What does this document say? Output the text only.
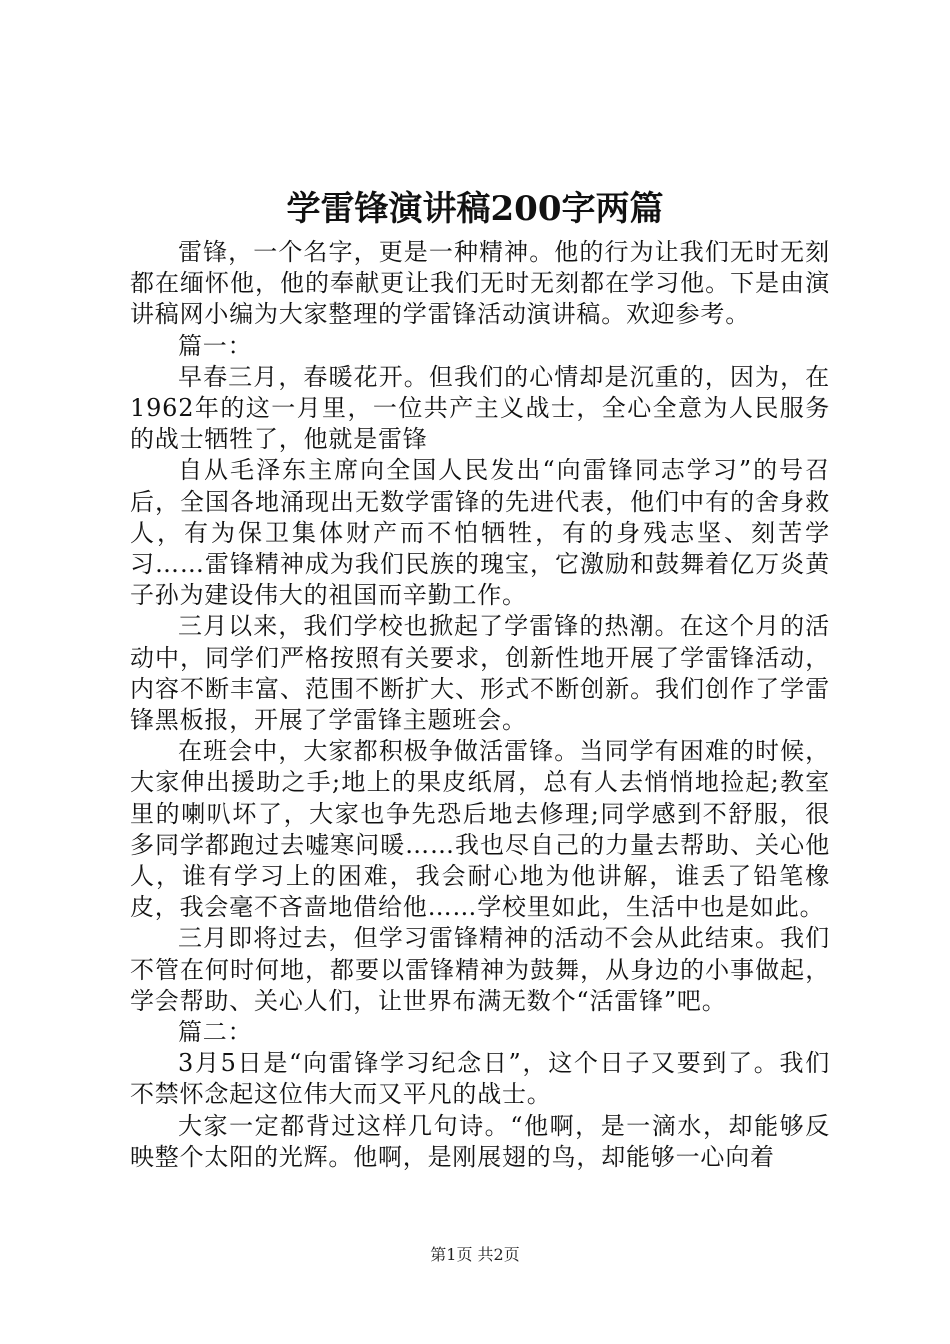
学雷锋演讲稿200字两篇

雷锋，一个名字，更是一种精神。他的行为让我们无时无刻都在缅怀他，他的奉献更让我们无时无刻都在学习他。下是由演讲稿网小编为大家整理的学雷锋活动演讲稿。欢迎参考。

篇一：

早春三月，春暖花开。但我们的心情却是沉重的，因为，在1962年的这一月里，一位共产主义战士，全心全意为人民服务的战士牺牲了，他就是雷锋

自从毛泽东主席向全国人民发出“向雷锋同志学习”的号召后，全国各地涌现出无数学雷锋的先进代表，他们中有的舍身救人，有为保卫集体财产而不怕牺牲，有的身残志坚、刻苦学习……雷锋精神成为我们民族的瑰宝，它激励和鼓舞着亿万炎黄子孙为建设伟大的祖国而辛勤工作。

三月以来，我们学校也掀起了学雷锋的热潮。在这个月的活动中，同学们严格按照有关要求，创新性地开展了学雷锋活动，内容不断丰富、范围不断扩大、形式不断创新。我们创作了学雷锋黑板报，开展了学雷锋主题班会。

在班会中，大家都积极争做活雷锋。当同学有困难的时候，大家伸出援助之手;地上的果皮纸屑，总有人去悄悄地捡起;教室里的喇叭坏了，大家也争先恐后地去修理;同学感到不舒服，很多同学都跑过去嘘寒问暖……我也尽自己的力量去帮助、关心他人，谁有学习上的困难，我会耐心地为他讲解，谁丢了铅笔橡皮，我会毫不吝啬地借给他……学校里如此，生活中也是如此。

三月即将过去，但学习雷锋精神的活动不会从此结束。我们不管在何时何地，都要以雷锋精神为鼓舞，从身边的小事做起，学会帮助、关心人们，让世界布满无数个“活雷锋”吧。

篇二：

3月5日是“向雷锋学习纪念日”，这个日子又要到了。我们不禁怀念起这位伟大而又平凡的战士。

大家一定都背过这样几句诗。“他啊，是一滴水，却能够反映整个太阳的光辉。他啊，是刚展翅的鸟，却能够一心向着

第1页 共2页
